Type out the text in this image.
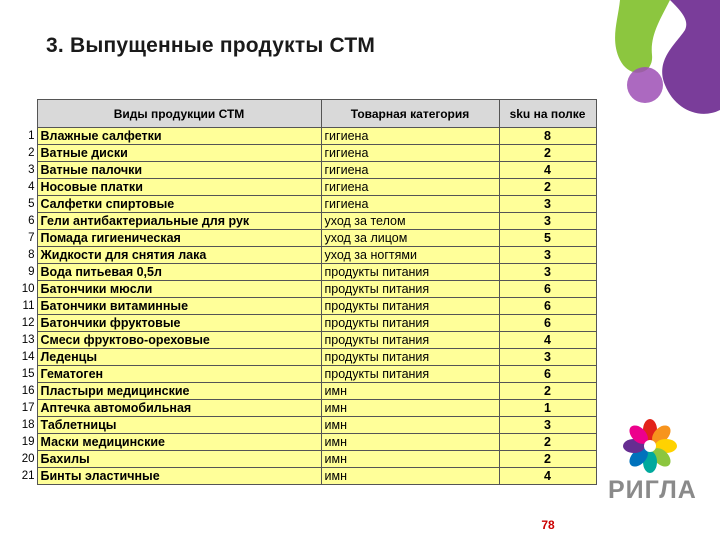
3. Выпущенные продукты СТМ
	Виды продукции СТМ	Товарная категория	sku на полке
1	Влажные салфетки	гигиена	8
2	Ватные диски	гигиена	2
3	Ватные палочки	гигиена	4
4	Носовые платки	гигиена	2
5	Салфетки спиртовые	гигиена	3
6	Гели антибактериальные для рук	уход за телом	3
7	Помада гигиеническая	уход за лицом	5
8	Жидкости для снятия лака	уход за ногтями	3
9	Вода питьевая 0,5л	продукты питания	3
10	Батончики мюсли	продукты питания	6
11	Батончики витаминные	продукты питания	6
12	Батончики фруктовые	продукты питания	6
13	Смеси фруктово-ореховые	продукты питания	4
14	Леденцы	продукты питания	3
15	Гематоген	продукты питания	6
16	Пластыри медицинские	имн	2
17	Аптечка автомобильная	имн	1
18	Таблетницы	имн	3
19	Маски медицинские	имн	2
20	Бахилы	имн	2
21	Бинты эластичные	имн	4
78
РИГЛА
